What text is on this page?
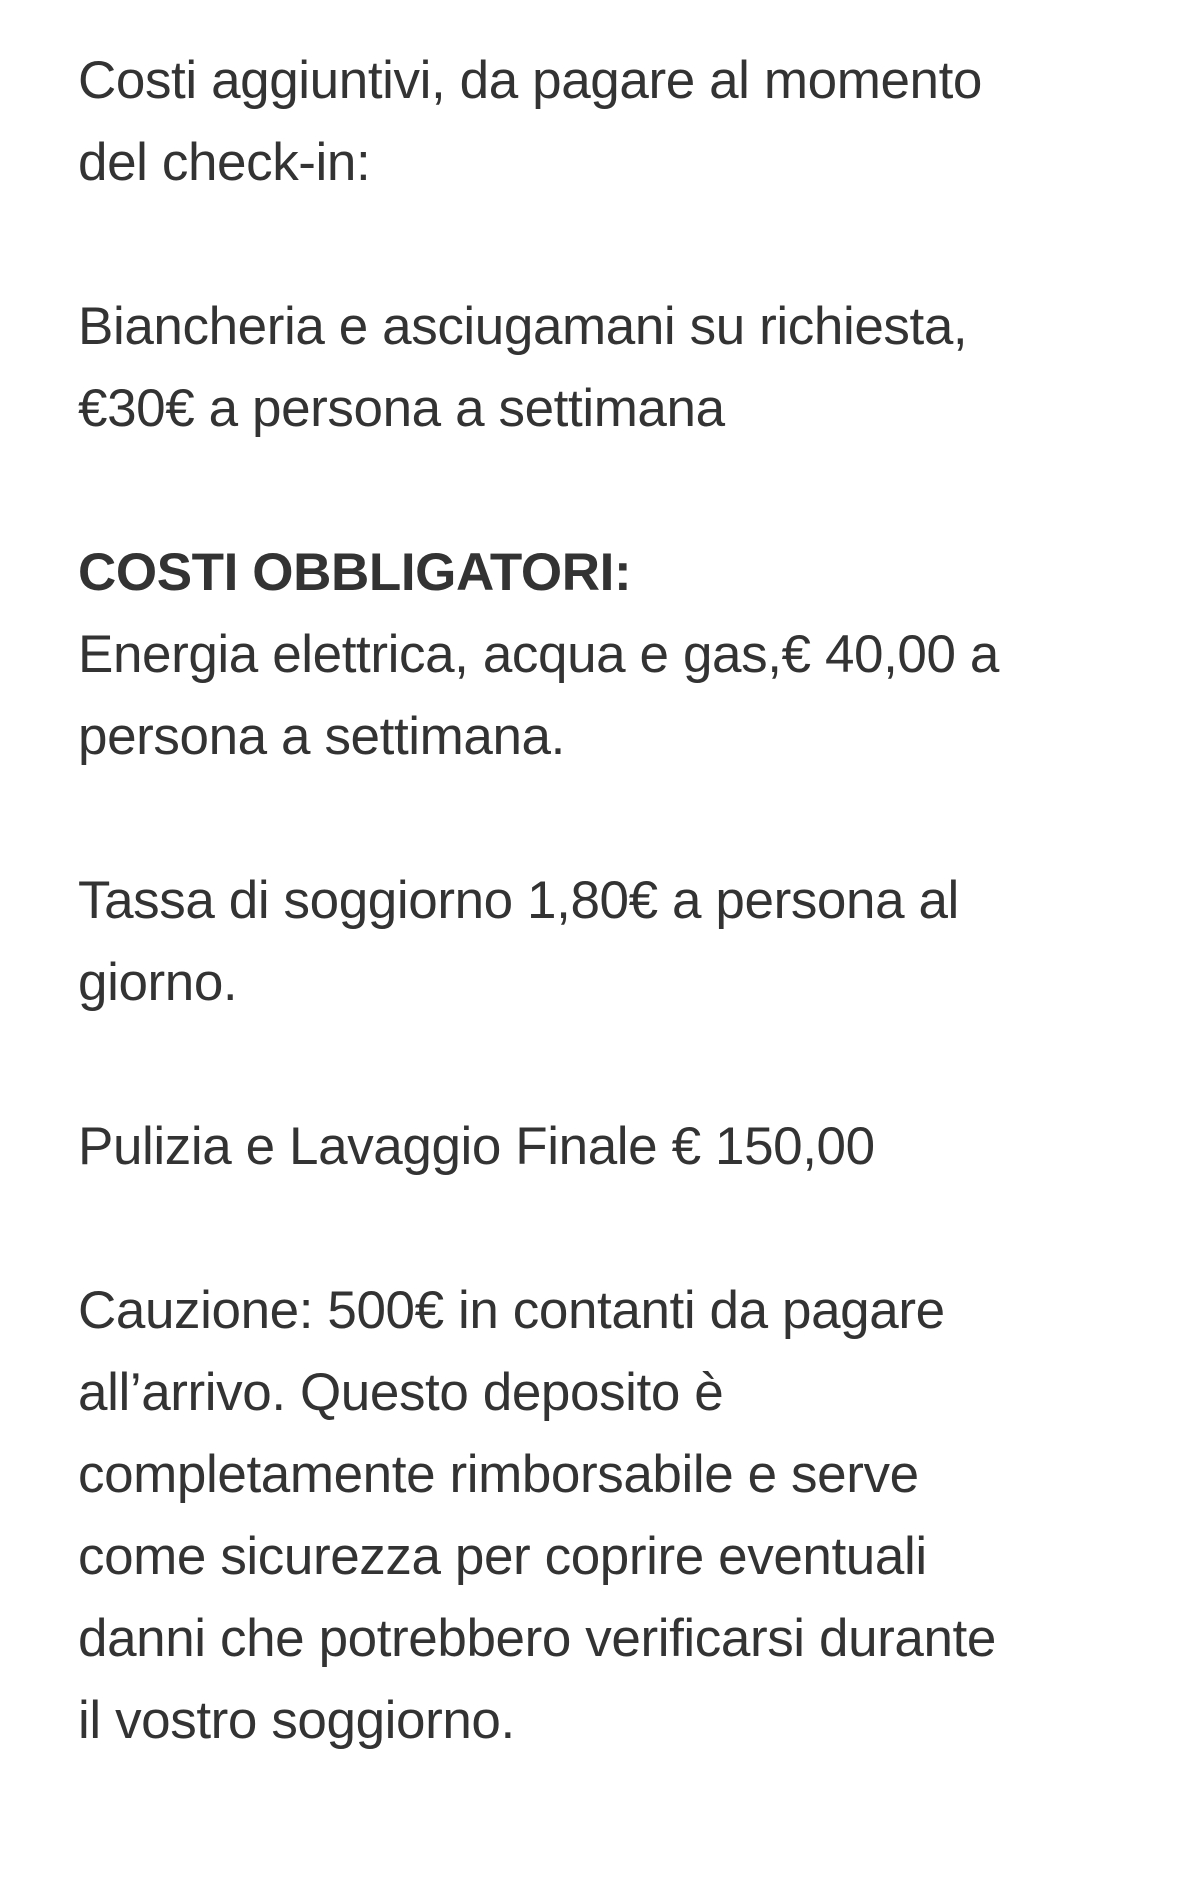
Costi aggiuntivi, da pagare al momento
del check-in:
Biancheria e asciugamani su richiesta,
€30€ a persona a settimana
COSTI OBBLIGATORI:
Energia elettrica, acqua e gas,€ 40,00 a
persona a settimana.
Tassa di soggiorno 1,80€ a persona al
giorno.
Pulizia e Lavaggio Finale € 150,00
Cauzione: 500€ in contanti da pagare
all’arrivo. Questo deposito è
completamente rimborsabile e serve
come sicurezza per coprire eventuali
danni che potrebbero verificarsi durante
il vostro soggiorno.
